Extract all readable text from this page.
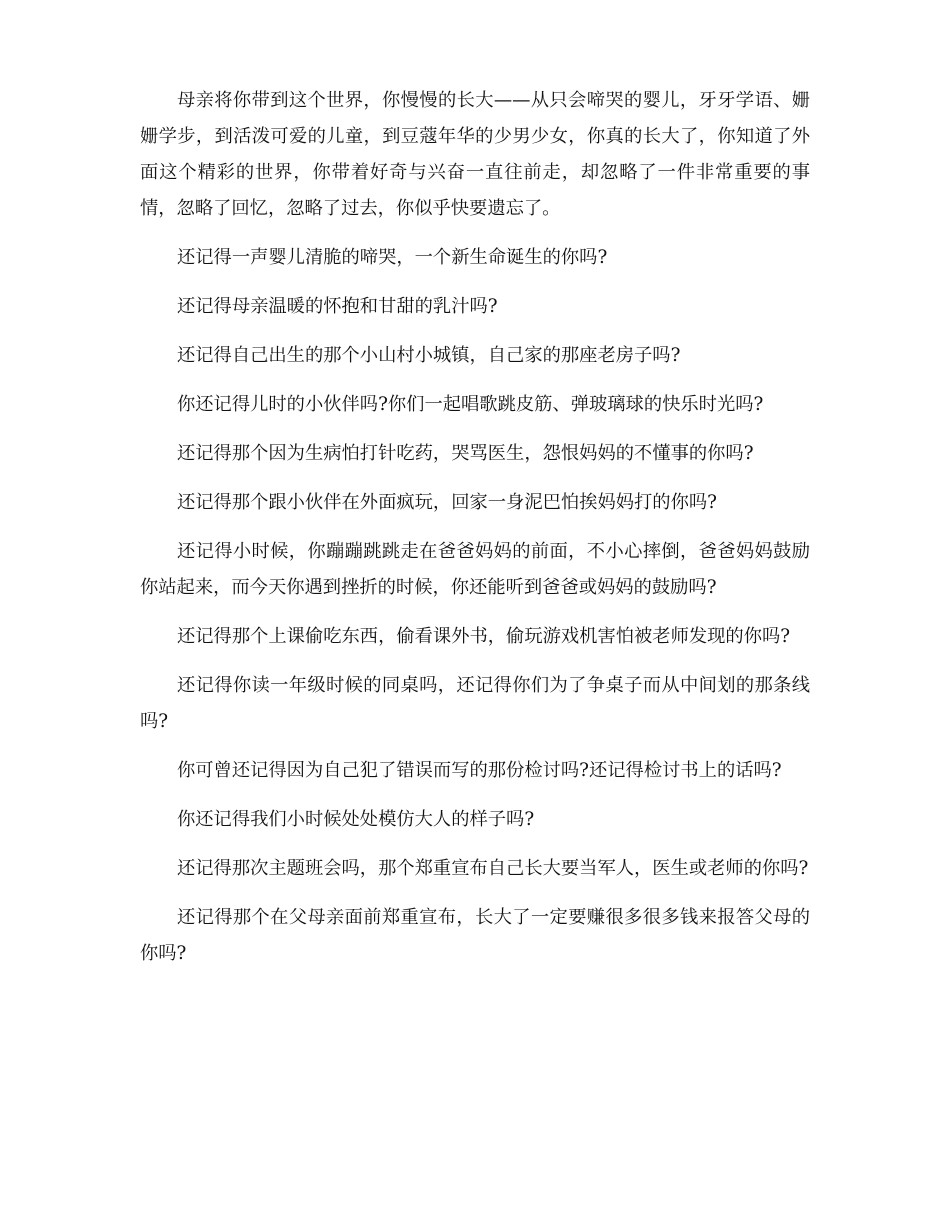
母亲将你带到这个世界，你慢慢的长大——从只会啼哭的婴儿，牙牙学语、姗姗学步，到活泼可爱的儿童，到豆蔻年华的少男少女，你真的长大了，你知道了外面这个精彩的世界，你带着好奇与兴奋一直往前走，却忽略了一件非常重要的事情，忽略了回忆，忽略了过去，你似乎快要遗忘了。

还记得一声婴儿清脆的啼哭，一个新生命诞生的你吗?

还记得母亲温暖的怀抱和甘甜的乳汁吗?

还记得自己出生的那个小山村小城镇，自己家的那座老房子吗?

你还记得儿时的小伙伴吗?你们一起唱歌跳皮筋、弹玻璃球的快乐时光吗?

还记得那个因为生病怕打针吃药，哭骂医生，怨恨妈妈的不懂事的你吗?

还记得那个跟小伙伴在外面疯玩，回家一身泥巴怕挨妈妈打的你吗?

还记得小时候，你蹦蹦跳跳走在爸爸妈妈的前面，不小心摔倒，爸爸妈妈鼓励你站起来，而今天你遇到挫折的时候，你还能听到爸爸或妈妈的鼓励吗?

还记得那个上课偷吃东西，偷看课外书，偷玩游戏机害怕被老师发现的你吗?

还记得你读一年级时候的同桌吗，还记得你们为了争桌子而从中间划的那条线吗?

你可曾还记得因为自己犯了错误而写的那份检讨吗?还记得检讨书上的话吗?

你还记得我们小时候处处模仿大人的样子吗?

还记得那次主题班会吗，那个郑重宣布自己长大要当军人，医生或老师的你吗?

还记得那个在父母亲面前郑重宣布，长大了一定要赚很多很多钱来报答父母的你吗?
